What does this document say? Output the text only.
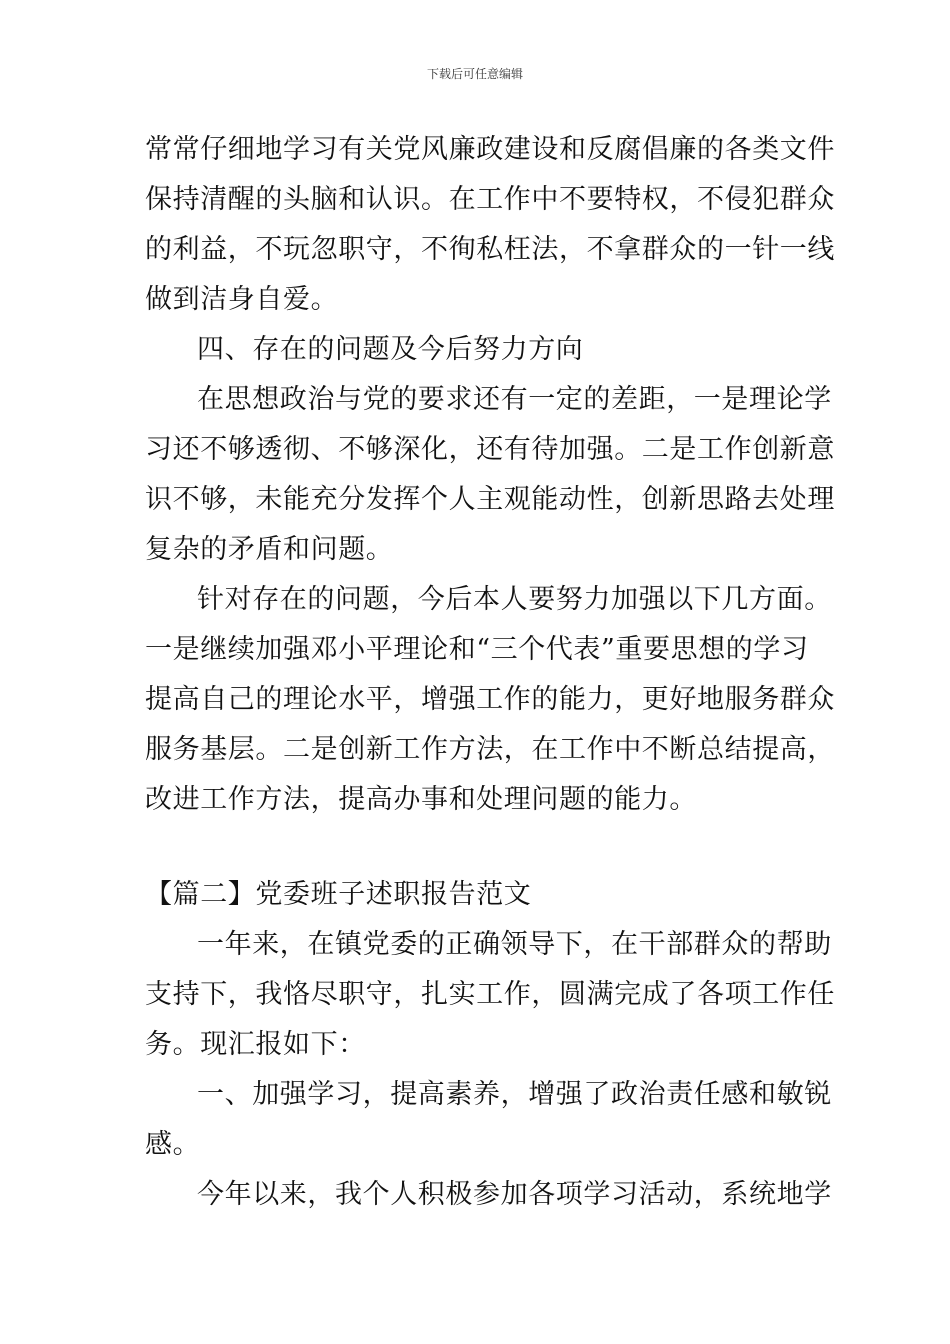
下载后可任意编辑
常常仔细地学习有关党风廉政建设和反腐倡廉的各类文件
保持清醒的头脑和认识。在工作中不要特权，不侵犯群众
的利益，不玩忽职守，不徇私枉法，不拿群众的一针一线
做到洁身自爱。
四、存在的问题及今后努力方向
在思想政治与党的要求还有一定的差距，一是理论学
习还不够透彻、不够深化，还有待加强。二是工作创新意
识不够，未能充分发挥个人主观能动性，创新思路去处理
复杂的矛盾和问题。
针对存在的问题，今后本人要努力加强以下几方面。
一是继续加强邓小平理论和“三个代表”重要思想的学习
提高自己的理论水平，增强工作的能力，更好地服务群众
服务基层。二是创新工作方法，在工作中不断总结提高，
改进工作方法，提高办事和处理问题的能力。
【篇二】党委班子述职报告范文
一年来，在镇党委的正确领导下，在干部群众的帮助
支持下，我恪尽职守，扎实工作，圆满完成了各项工作任
务。现汇报如下：
一、加强学习，提高素养，增强了政治责任感和敏锐
感。
今年以来，我个人积极参加各项学习活动，系统地学
